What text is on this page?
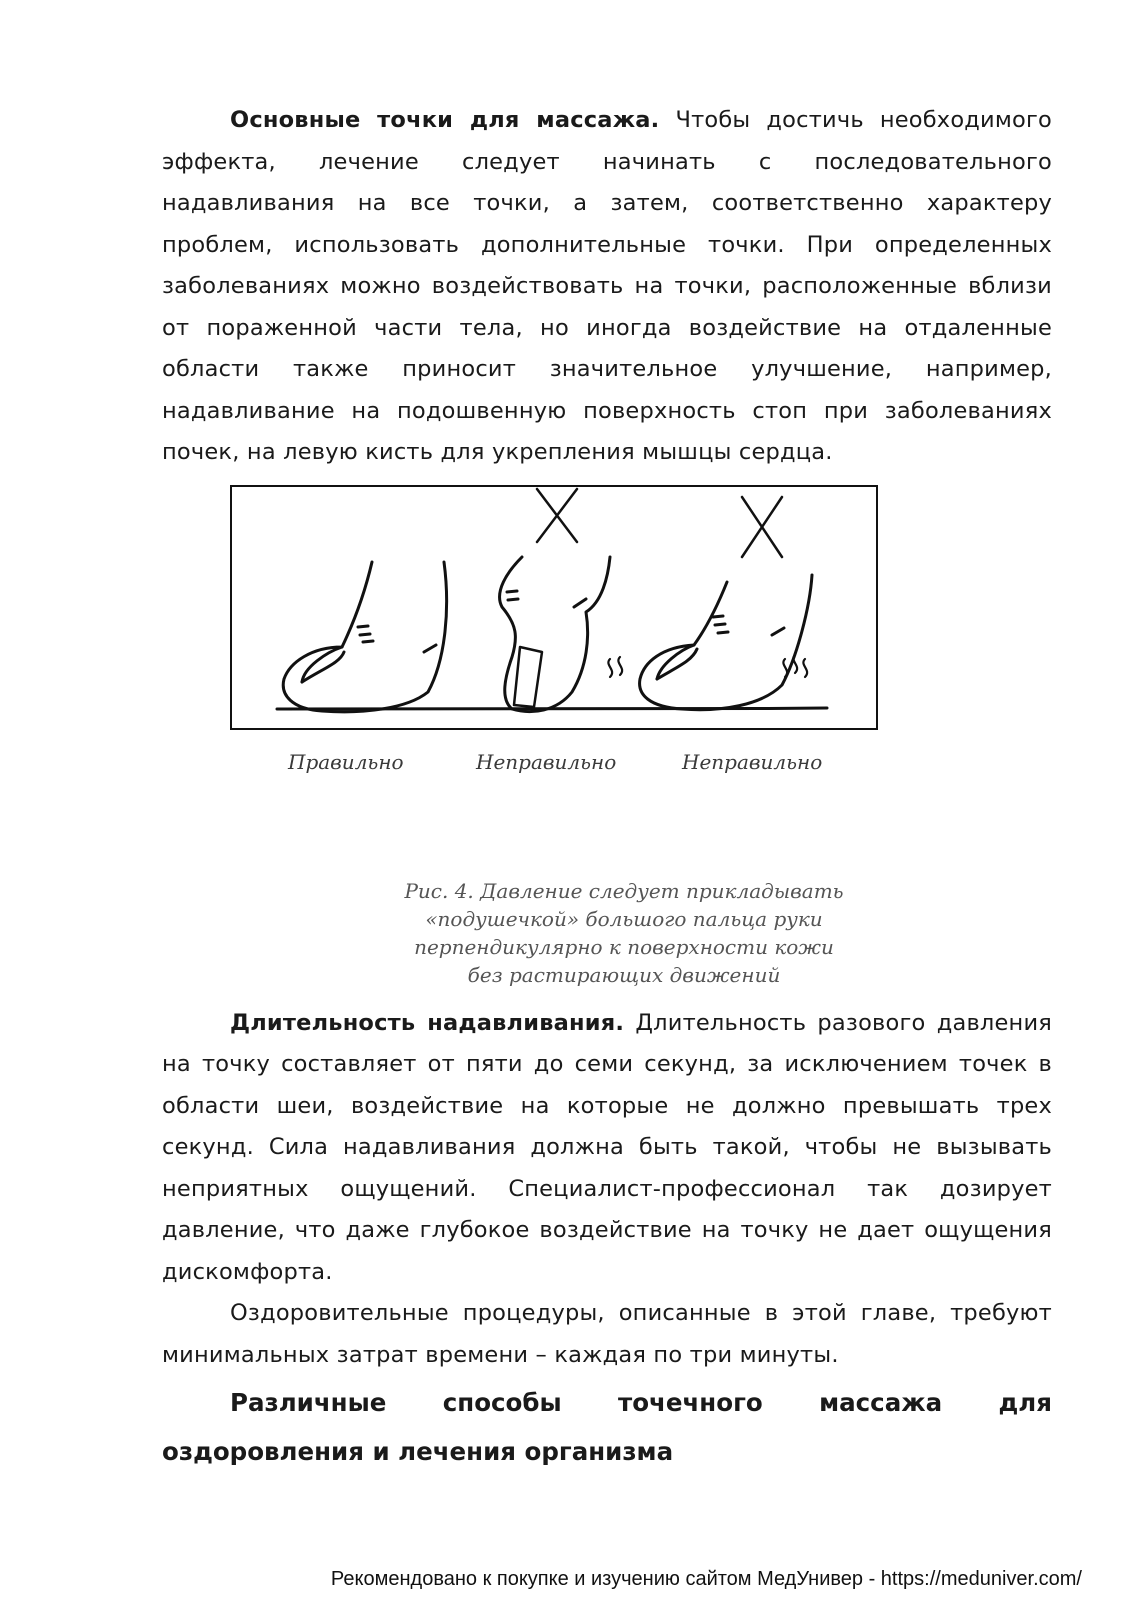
Основные точки для массажа. Чтобы достичь необходимого эффекта, лечение следует начинать с последовательного надавливания на все точки, а затем, соответственно характеру проблем, использовать дополнительные точки. При определенных заболеваниях можно воздействовать на точки, расположенные вблизи от пораженной части тела, но иногда воздействие на отдаленные области также приносит значительное улучшение, например, надавливание на подошвенную поверхность стоп при заболеваниях почек, на левую кисть для укрепления мышцы сердца.

Правильно	Неправильно	Неправильно
Рис. 4. Давление следует прикладывать
«подушечкой» большого пальца руки
перпендикулярно к поверхности кожи
без растирающих движений

Длительность надавливания. Длительность разового давления на точку составляет от пяти до семи секунд, за исключением точек в области шеи, воздействие на которые не должно превышать трех секунд. Сила надавливания должна быть такой, чтобы не вызывать неприятных ощущений. Специалист-профессионал так дозирует давление, что даже глубокое воздействие на точку не дает ощущения дискомфорта.

Оздоровительные процедуры, описанные в этой главе, требуют минимальных затрат времени – каждая по три минуты.

Различные способы точечного массажа для
оздоровления и лечения организма
Рекомендовано к покупке и изучению сайтом МедУнивер - https://meduniver.com/
